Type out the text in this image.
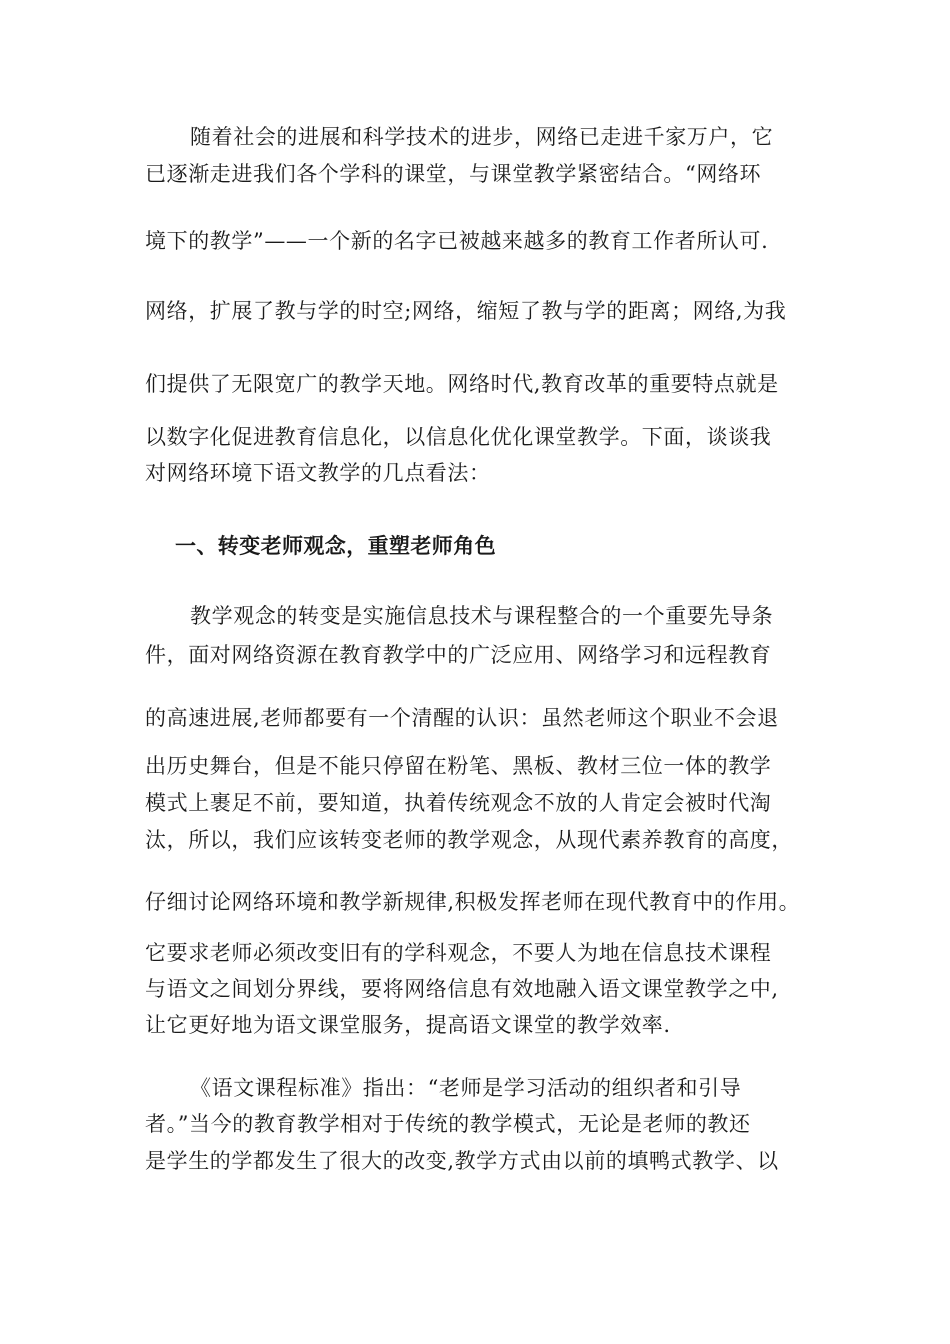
随着社会的进展和科学技术的进步，网络已走进千家万户，它
已逐渐走进我们各个学科的课堂，与课堂教学紧密结合。“网络环
境下的教学”——一个新的名字已被越来越多的教育工作者所认可.
网络，扩展了教与学的时空;网络，缩短了教与学的距离；网络,为我
们提供了无限宽广的教学天地。网络时代,教育改革的重要特点就是
以数字化促进教育信息化，以信息化优化课堂教学。下面，谈谈我
对网络环境下语文教学的几点看法：
一、转变老师观念，重塑老师角色
教学观念的转变是实施信息技术与课程整合的一个重要先导条
件，面对网络资源在教育教学中的广泛应用、网络学习和远程教育
的高速进展,老师都要有一个清醒的认识：虽然老师这个职业不会退
出历史舞台，但是不能只停留在粉笔、黑板、教材三位一体的教学
模式上裹足不前，要知道，执着传统观念不放的人肯定会被时代淘
汰，所以，我们应该转变老师的教学观念，从现代素养教育的高度，
仔细讨论网络环境和教学新规律,积极发挥老师在现代教育中的作用。
它要求老师必须改变旧有的学科观念，不要人为地在信息技术课程
与语文之间划分界线，要将网络信息有效地融入语文课堂教学之中,
让它更好地为语文课堂服务，提高语文课堂的教学效率.
《语文课程标准》指出：“老师是学习活动的组织者和引导
者。”当今的教育教学相对于传统的教学模式，无论是老师的教还
是学生的学都发生了很大的改变,教学方式由以前的填鸭式教学、以
